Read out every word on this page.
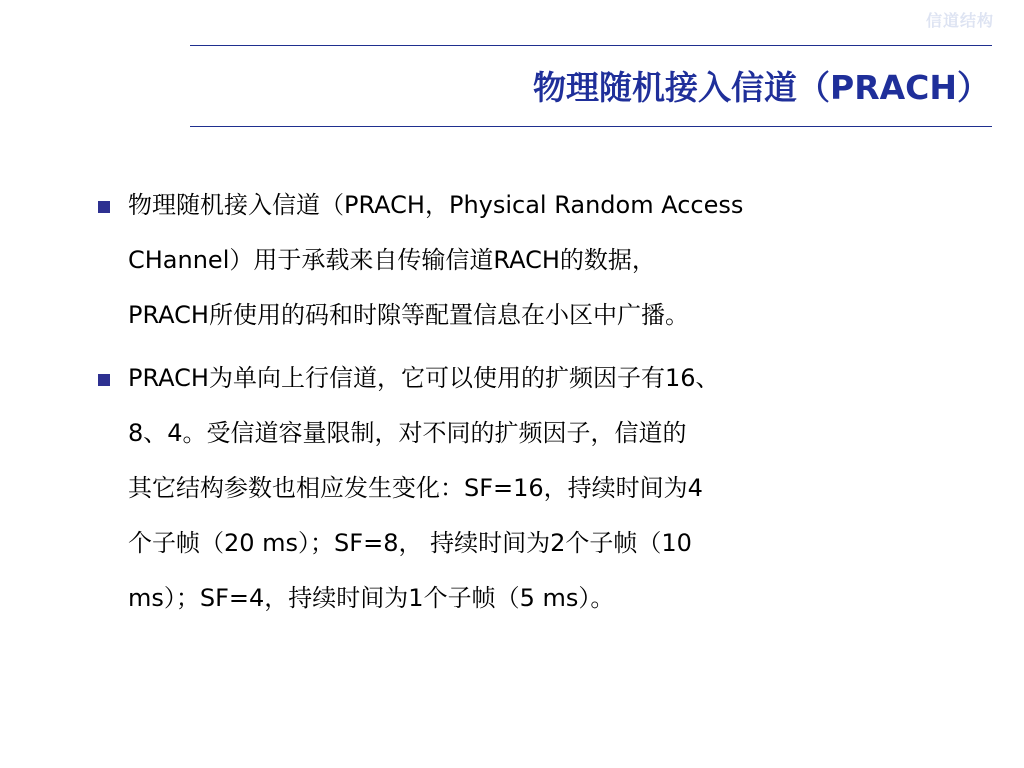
信道结构
物理随机接入信道（PRACH）

物理随机接入信道（PRACH，Physical Random Access

CHannel）用于承载来自传输信道RACH的数据，

PRACH所使用的码和时隙等配置信息在小区中广播。

PRACH为单向上行信道，它可以使用的扩频因子有16、

8、4。受信道容量限制，对不同的扩频因子，信道的

其它结构参数也相应发生变化：SF=16，持续时间为4

个子帧（20 ms）；SF=8， 持续时间为2个子帧（10

ms）；SF=4，持续时间为1个子帧（5 ms）。
